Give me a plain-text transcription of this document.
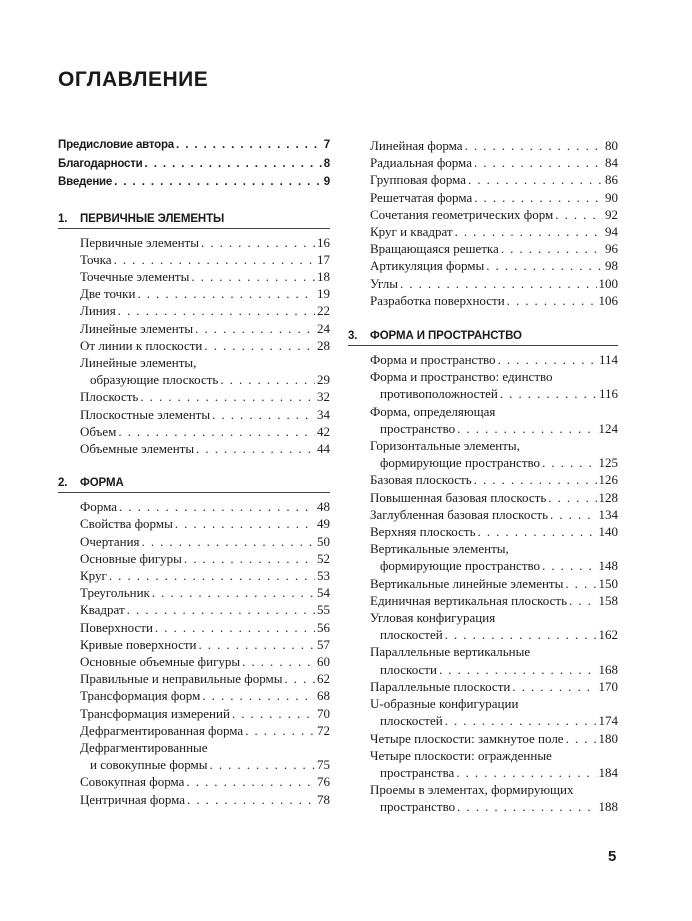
ОГЛАВЛЕНИЕ
Предисловие автора . . .	7
Благодарности . . .	8
Введение . . .	9
1.	ПЕРВИЧНЫЕ ЭЛЕМЕНТЫ
Первичные элементы . . .	16
Точка . . .	17
Точечные элементы . . .	18
Две точки . . .	19
Линия . . .	22
Линейные элементы . . .	24
От линии к плоскости . . .	28
Линейные элементы,
образующие плоскость . . .	29
Плоскость . . .	32
Плоскостные элементы . . .	34
Объем . . .	42
Объемные элементы . . .	44
2.	ФОРМА
Форма . . .	48
Свойства формы . . .	49
Очертания . . .	50
Основные фигуры . . .	52
Круг . . .	53
Треугольник . . .	54
Квадрат . . .	55
Поверхности . . .	56
Кривые поверхности . . .	57
Основные объемные фигуры . . .	60
Правильные и неправильные формы . . .	62
Трансформация форм . . .	68
Трансформация измерений . . .	70
Дефрагментированная форма . . .	72
Дефрагментированные
и совокупные формы . . .	75
Совокупная форма . . .	76
Центричная форма . . .	78
Линейная форма . . .	80
Радиальная форма . . .	84
Групповая форма . . .	86
Решетчатая форма . . .	90
Сочетания геометрических форм . . .	92
Круг и квадрат . . .	94
Вращающаяся решетка . . .	96
Артикуляция формы . . .	98
Углы . . .	100
Разработка поверхности . . .	106
3.	ФОРМА И ПРОСТРАНСТВО
Форма и пространство . . .	114
Форма и пространство: единство
противоположностей . . .	116
Форма, определяющая
пространство . . .	124
Горизонтальные элементы,
формирующие пространство . . .	125
Базовая плоскость . . .	126
Повышенная базовая плоскость . . .	128
Заглубленная базовая плоскость . . .	134
Верхняя плоскость . . .	140
Вертикальные элементы,
формирующие пространство . . .	148
Вертикальные линейные элементы . . .	150
Единичная вертикальная плоскость . . . 158
Угловая конфигурация
плоскостей . . .	162
Параллельные вертикальные
плоскости . . .	168
Параллельные плоскости . . .	170
U-образные конфигурации
плоскостей . . .	174
Четыре плоскости: замкнутое поле . . .	180
Четыре плоскости: огражденные
пространства . . .	184
Проемы в элементах, формирующих
пространство . . .	188
5
